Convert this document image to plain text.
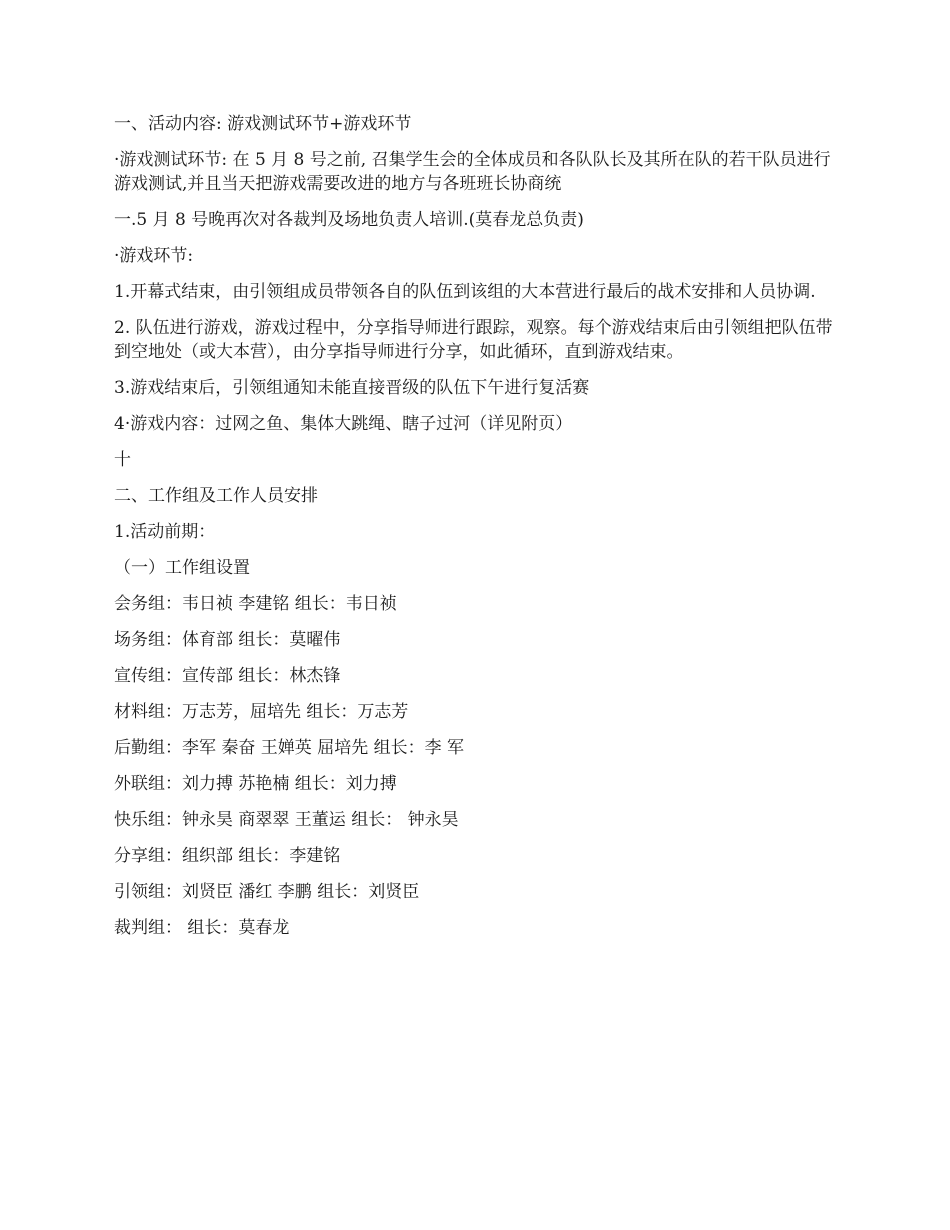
一、活动内容: 游戏测试环节+游戏环节

·游戏测试环节: 在 5 月 8 号之前, 召集学生会的全体成员和各队队长及其所在队的若干队员进行游戏测试,并且当天把游戏需要改进的地方与各班班长协商统

一.5 月 8 号晚再次对各裁判及场地负责人培训.(莫春龙总负责)

·游戏环节:

1.开幕式结束，由引领组成员带领各自的队伍到该组的大本营进行最后的战术安排和人员协调.

2. 队伍进行游戏，游戏过程中，分享指导师进行跟踪，观察。每个游戏结束后由引领组把队伍带到空地处（或大本营），由分享指导师进行分享，如此循环，直到游戏结束。

3.游戏结束后，引领组通知未能直接晋级的队伍下午进行复活赛

4·游戏内容：过网之鱼、集体大跳绳、瞎子过河（详见附页）

十

二、工作组及工作人员安排

1.活动前期：

（一）工作组设置

会务组：韦日祯 李建铭 组长：韦日祯

场务组：体育部 组长：莫曜伟

宣传组：宣传部 组长：林杰锋

材料组：万志芳，屈培先 组长：万志芳

后勤组：李军 秦奋 王婵英 屈培先 组长：李 军

外联组：刘力搏 苏艳楠 组长：刘力搏

快乐组：钟永昊 商翠翠 王董运 组长： 钟永昊

分享组：组织部 组长：李建铭

引领组：刘贤臣 潘红 李鹏 组长：刘贤臣

裁判组： 组长：莫春龙
